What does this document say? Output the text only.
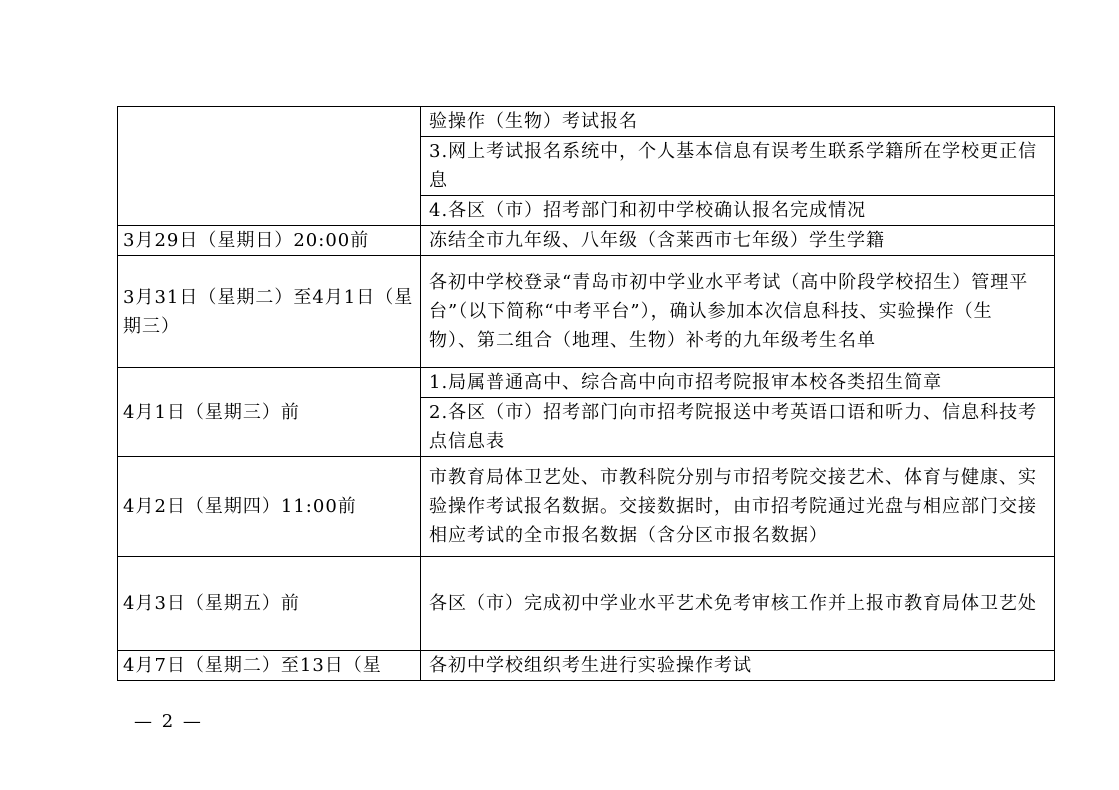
	验操作（生物）考试报名
	3.网上考试报名系统中，个人基本信息有误考生联系学籍所在学校更正信息
	4.各区（市）招考部门和初中学校确认报名完成情况
3月29日（星期日）20:00前	冻结全市九年级、八年级（含莱西市七年级）学生学籍
3月31日（星期二）至4月1日（星期三）	各初中学校登录“青岛市初中学业水平考试（高中阶段学校招生）管理平台”（以下简称“中考平台”），确认参加本次信息科技、实验操作（生物）、第二组合（地理、生物）补考的九年级考生名单
4月1日（星期三）前	1.局属普通高中、综合高中向市招考院报审本校各类招生简章
	2.各区（市）招考部门向市招考院报送中考英语口语和听力、信息科技考点信息表
4月2日（星期四）11:00前	市教育局体卫艺处、市教科院分别与市招考院交接艺术、体育与健康、实验操作考试报名数据。交接数据时，由市招考院通过光盘与相应部门交接相应考试的全市报名数据（含分区市报名数据）
4月3日（星期五）前	各区（市）完成初中学业水平艺术免考审核工作并上报市教育局体卫艺处
4月7日（星期二）至13日（星	各初中学校组织考生进行实验操作考试
— 2 —
